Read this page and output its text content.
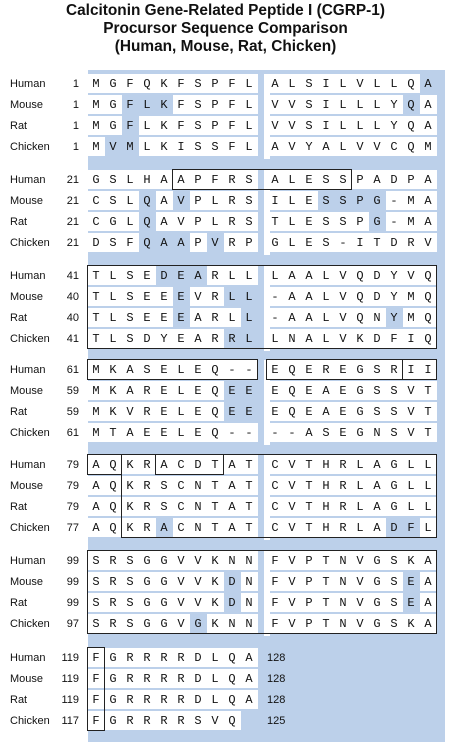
Calcitonin Gene-Related Peptide I (CGRP-1)
Procursor Sequence Comparison
(Human, Mouse, Rat, Chicken)
Human	1	M G F Q K F S P F L	A L S I L V L L Q A
Mouse	1	M G F L K F S P F L	V V S I L L L Y Q A
Rat	1	M G F L K F S P F L	V V S I L L L Y Q A
Chicken	1	M V M L K I S S F L	A V Y A L V V C Q M
Human	21	G S L H A A P F R S	A L E S S P A D P A
Mouse	21	C S L Q A V P L R S	I L E S S P G - M A
Rat	21	C G L Q A V P L R S	T L E S S P G - M A
Chicken	21	D S F Q A A P V R P	G L E S - I T D R V
Human	41	T L S E D E A R L L	L A A L V Q D Y V Q
Mouse	40	T L S E E E V R L L	- A A L V Q D Y M Q
Rat	40	T L S E E E A R L L	- A A L V Q N Y M Q
Chicken	41	T L S D Y E A R R L	L N A L V K D F I Q
Human	61	M K A S E L E Q - -	E Q E R E G S R I I
Mouse	59	M K A R E L E Q E E	E Q E A E G S S V T
Rat	59	M K V R E L E Q E E	E Q E A E G S S V T
Chicken	61	M T A E E L E Q - -	- - A S E G N S V T
Human	79	A Q K R A C D T A T	C V T H R L A G L L
Mouse	79	A Q K R S C N T A T	C V T H R L A G L L
Rat	79	A Q K R S C N T A T	C V T H R L A G L L
Chicken	77	A Q K R A C N T A T	C V T H R L A D F L
Human	99	S R S G G V V K N N	F V P T N V G S K A
Mouse	99	S R S G G V V K D N	F V P T N V G S E A
Rat	99	S R S G G V V K D N	F V P T N V G S E A
Chicken	97	S R S G G V G K N N	F V P T N V G S K A
Human	119	F G R R R R D L Q A	128
Mouse	119	F G R R R R D L Q A	128
Rat	119	F G R R R R D L Q A	128
Chicken	117	F G R R R R S V Q	125
